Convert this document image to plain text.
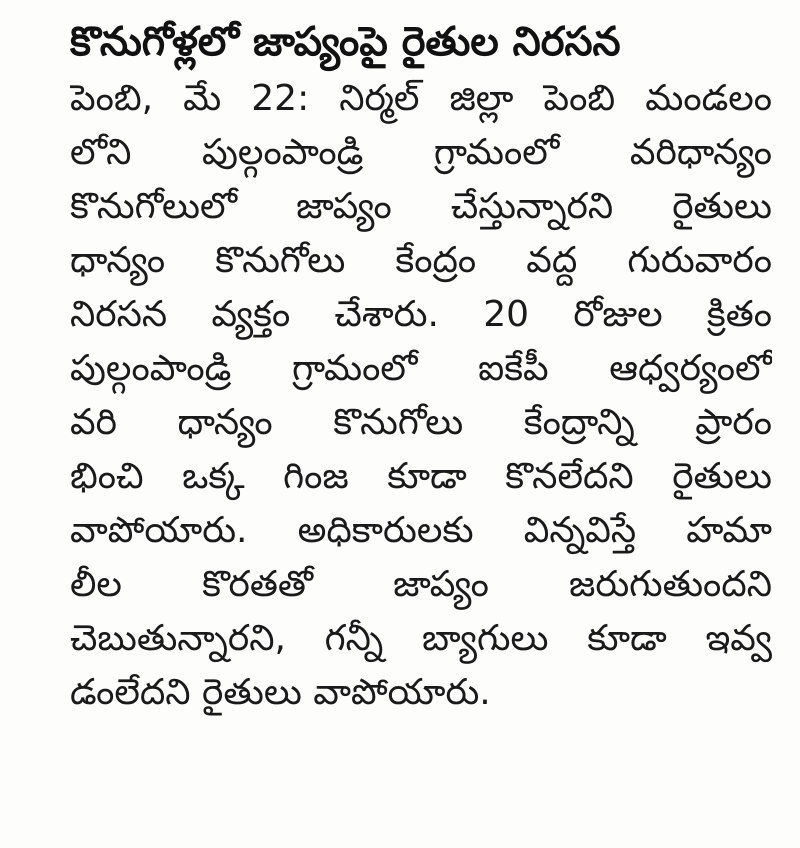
కొనుగోళ్లలో జాప్యంపై రైతుల నిరసన
పెంబి, మే 22: నిర్మల్ జిల్లా పెంబి మండలం
లోని పుల్గంపాండ్రి గ్రామంలో వరిధాన్యం
కొనుగోలులో జాప్యం చేస్తున్నారని రైతులు
ధాన్యం కొనుగోలు కేంద్రం వద్ద గురువారం
నిరసన వ్యక్తం చేశారు. 20 రోజుల క్రితం
పుల్గంపాండ్రి గ్రామంలో ఐకేపీ ఆధ్వర్యంలో
వరి ధాన్యం కొనుగోలు కేంద్రాన్ని ప్రారం
భించి ఒక్క గింజ కూడా కొనలేదని రైతులు
వాపోయారు. అధికారులకు విన్నవిస్తే హమా
లీల కొరతతో జాప్యం జరుగుతుందని
చెబుతున్నారని, గన్నీ బ్యాగులు కూడా ఇవ్వ
డంలేదని రైతులు వాపోయారు.
